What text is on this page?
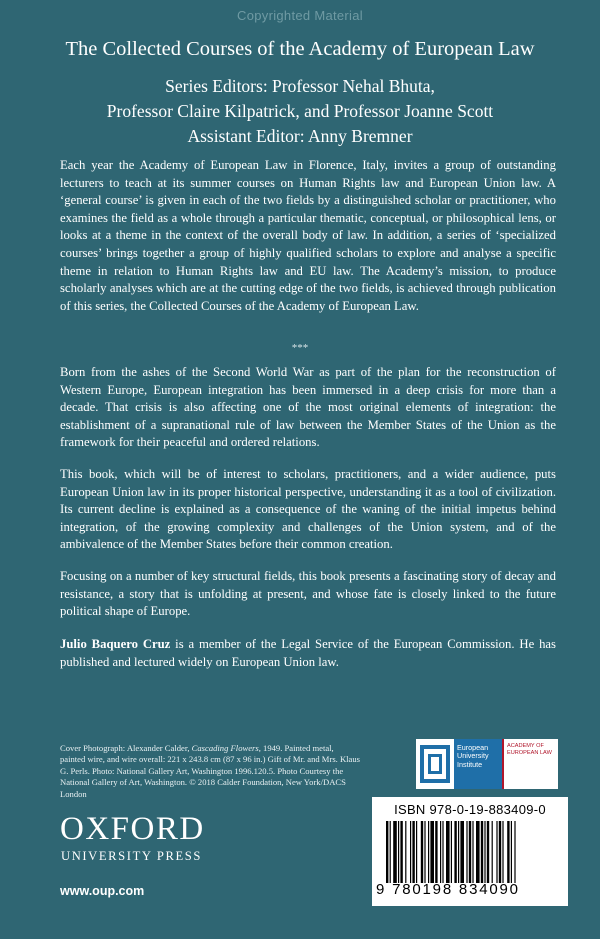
Copyrighted Material
The Collected Courses of the Academy of European Law
Series Editors: Professor Nehal Bhuta,
Professor Claire Kilpatrick, and Professor Joanne Scott
Assistant Editor: Anny Bremner
Each year the Academy of European Law in Florence, Italy, invites a group of outstanding lecturers to teach at its summer courses on Human Rights law and European Union law. A ‘general course’ is given in each of the two fields by a distinguished scholar or practitioner, who examines the field as a whole through a particular thematic, conceptual, or philosophical lens, or looks at a theme in the context of the overall body of law. In addition, a series of ‘specialized courses’ brings together a group of highly qualified scholars to explore and analyse a specific theme in relation to Human Rights law and EU law. The Academy’s mission, to produce scholarly analyses which are at the cutting edge of the two fields, is achieved through publication of this series, the Collected Courses of the Academy of European Law.
***
Born from the ashes of the Second World War as part of the plan for the reconstruction of Western Europe, European integration has been immersed in a deep crisis for more than a decade. That crisis is also affecting one of the most original elements of integration: the establishment of a supranational rule of law between the Member States of the Union as the framework for their peaceful and ordered relations.
This book, which will be of interest to scholars, practitioners, and a wider audience, puts European Union law in its proper historical perspective, understanding it as a tool of civilization. Its current decline is explained as a consequence of the waning of the initial impetus behind integration, of the growing complexity and challenges of the Union system, and of the ambivalence of the Member States before their common creation.
Focusing on a number of key structural fields, this book presents a fascinating story of decay and resistance, a story that is unfolding at present, and whose fate is closely linked to the future political shape of Europe.
Julio Baquero Cruz is a member of the Legal Service of the European Commission. He has published and lectured widely on European Union law.
Cover Photograph: Alexander Calder, Cascading Flowers, 1949. Painted metal, painted wire, and wire overall: 221 x 243.8 cm (87 x 96 in.) Gift of Mr. and Mrs. Klaus G. Perls. Photo: National Gallery Art, Washington 1996.120.5. Photo Courtesy the National Gallery of Art, Washington. © 2018 Calder Foundation, New York/DACS London
European University Institute
ACADEMY OF EUROPEAN LAW
ISBN 978-0-19-883409-0
9 780198 834090
OXFORD
UNIVERSITY PRESS
www.oup.com
